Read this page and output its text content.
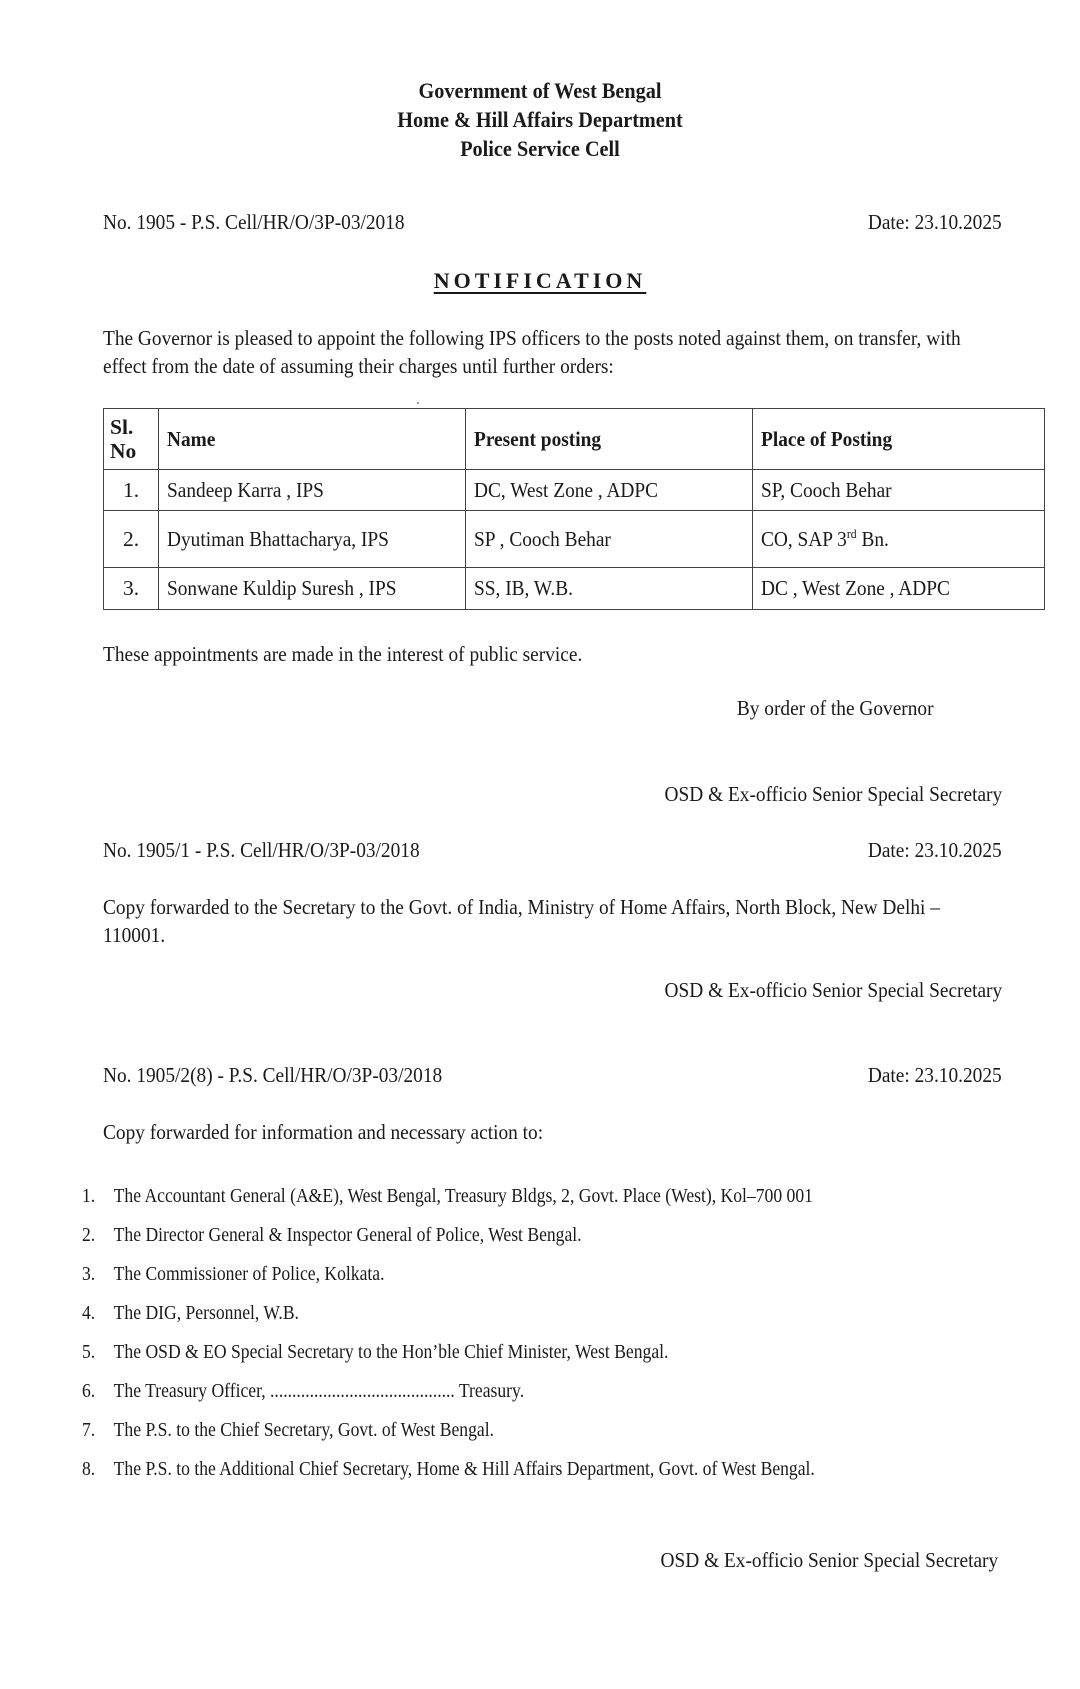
Government of West Bengal
Home & Hill Affairs Department
Police Service Cell
No. 1905 - P.S. Cell/HR/O/3P-03/2018	Date: 23.10.2025
NOTIFICATION
The Governor is pleased to appoint the following IPS officers to the posts noted against them, on transfer, with effect from the date of assuming their charges until further orders:
Sl.
No	Name	Present posting	Place of Posting
1.	Sandeep Karra , IPS	DC, West Zone , ADPC	SP, Cooch Behar
2.	Dyutiman Bhattacharya, IPS	SP , Cooch Behar	CO, SAP 3rd Bn.
3.	Sonwane Kuldip Suresh , IPS	SS, IB, W.B.	DC , West Zone , ADPC
These appointments are made in the interest of public service.
By order of the Governor
OSD & Ex-officio Senior Special Secretary
No. 1905/1 - P.S. Cell/HR/O/3P-03/2018	Date: 23.10.2025
Copy forwarded to the Secretary to the Govt. of India, Ministry of Home Affairs, North Block, New Delhi – 110001.
OSD & Ex-officio Senior Special Secretary
No. 1905/2(8) - P.S. Cell/HR/O/3P-03/2018	Date: 23.10.2025
Copy forwarded for information and necessary action to:
1. The Accountant General (A&E), West Bengal, Treasury Bldgs, 2, Govt. Place (West), Kol–700 001
2. The Director General & Inspector General of Police, West Bengal.
3. The Commissioner of Police, Kolkata.
4. The DIG, Personnel, W.B.
5. The OSD & EO Special Secretary to the Hon’ble Chief Minister, West Bengal.
6. The Treasury Officer, .......................................... Treasury.
7. The P.S. to the Chief Secretary, Govt. of West Bengal.
8. The P.S. to the Additional Chief Secretary, Home & Hill Affairs Department, Govt. of West Bengal.
OSD & Ex-officio Senior Special Secretary
